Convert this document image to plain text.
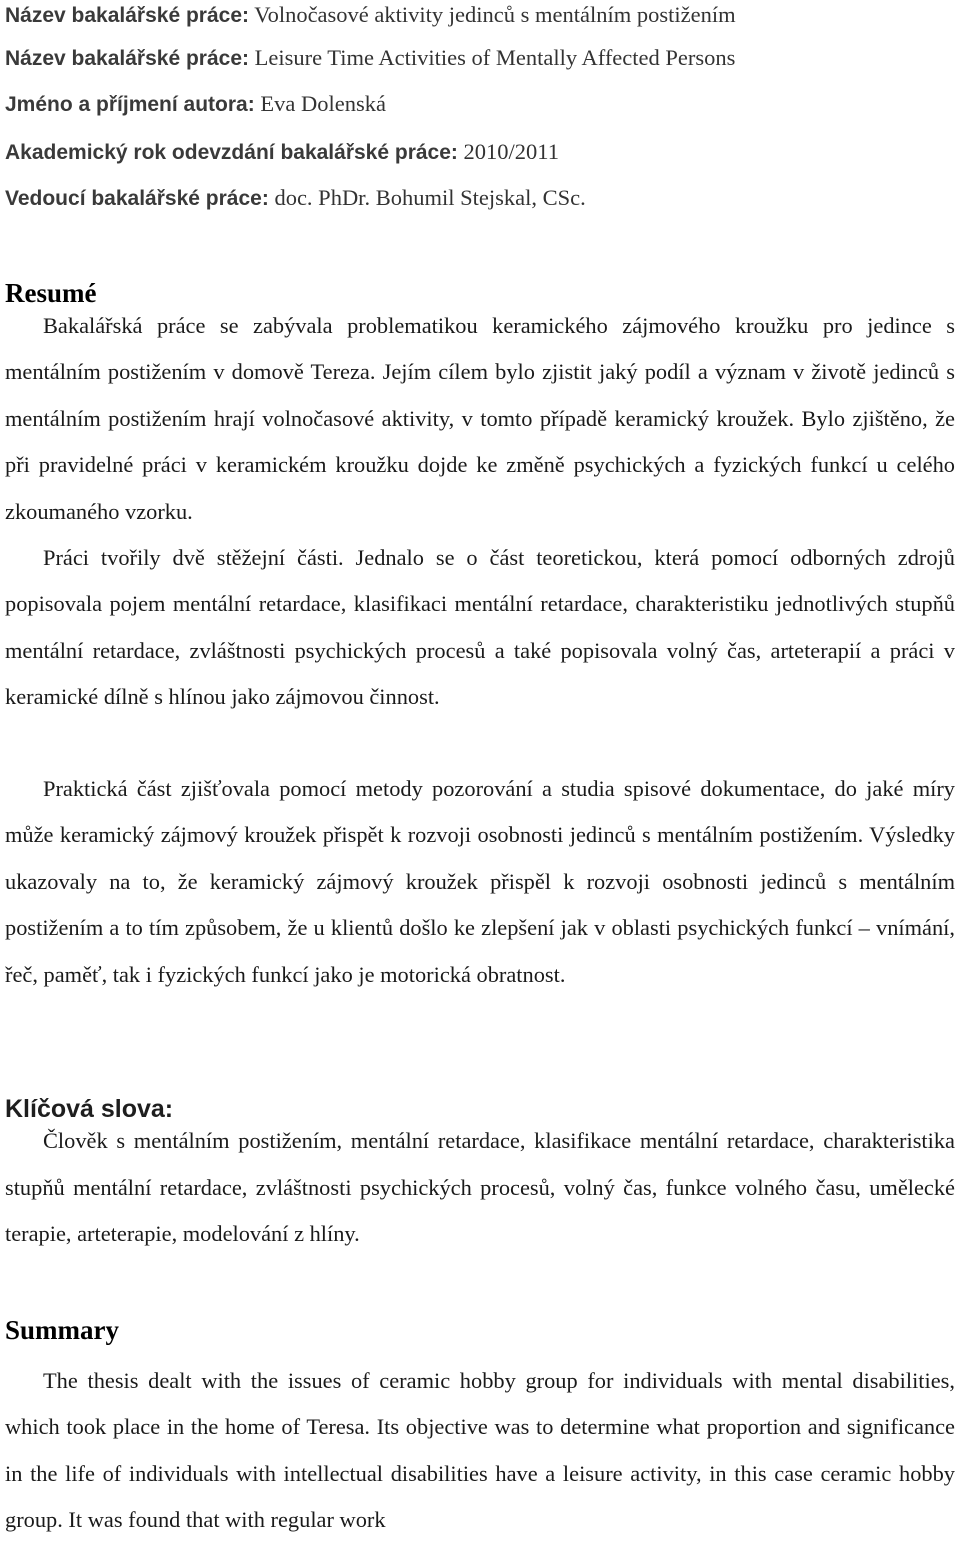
Název bakalářské práce: Volnočasové aktivity jedinců s mentálním postižením
Název bakalářské práce: Leisure Time Activities of Mentally Affected Persons
Jméno a příjmení autora: Eva Dolenská
Akademický rok odevzdání bakalářské práce: 2010/2011
Vedoucí bakalářské práce: doc. PhDr. Bohumil Stejskal, CSc.
Resumé

Bakalářská práce se zabývala problematikou keramického zájmového kroužku pro jedince s mentálním postižením v domově Tereza. Jejím cílem bylo zjistit jaký podíl a význam v životě jedinců s mentálním postižením hrají volnočasové aktivity, v tomto případě keramický kroužek. Bylo zjištěno, že při pravidelné práci v keramickém kroužku dojde ke změně psychických a fyzických funkcí u celého zkoumaného vzorku.

Práci tvořily dvě stěžejní části. Jednalo se o část teoretickou, která pomocí odborných zdrojů popisovala pojem mentální retardace, klasifikaci mentální retardace, charakteristiku jednotlivých stupňů mentální retardace, zvláštnosti psychických procesů a také popisovala volný čas, arteterapií a práci v keramické dílně s hlínou jako zájmovou činnost.

Praktická část zjišťovala pomocí metody pozorování a studia spisové dokumentace, do jaké míry může keramický zájmový kroužek přispět k rozvoji osobnosti jedinců s mentálním postižením. Výsledky ukazovaly na to, že keramický zájmový kroužek přispěl k rozvoji osobnosti jedinců s mentálním postižením a to tím způsobem, že u klientů došlo ke zlepšení jak v oblasti psychických funkcí – vnímání, řeč, paměť, tak i fyzických funkcí jako je motorická obratnost.

Klíčová slova:

Člověk s mentálním postižením, mentální retardace, klasifikace mentální retardace, charakteristika stupňů mentální retardace, zvláštnosti psychických procesů, volný čas, funkce volného času, umělecké terapie, arteterapie, modelování z hlíny.

Summary

The thesis dealt with the issues of ceramic hobby group for individuals with mental disabilities, which took place in the home of Teresa. Its objective was to determine what proportion and significance in the life of individuals with intellectual disabilities have a leisure activity, in this case ceramic hobby group. It was found that with regular work
